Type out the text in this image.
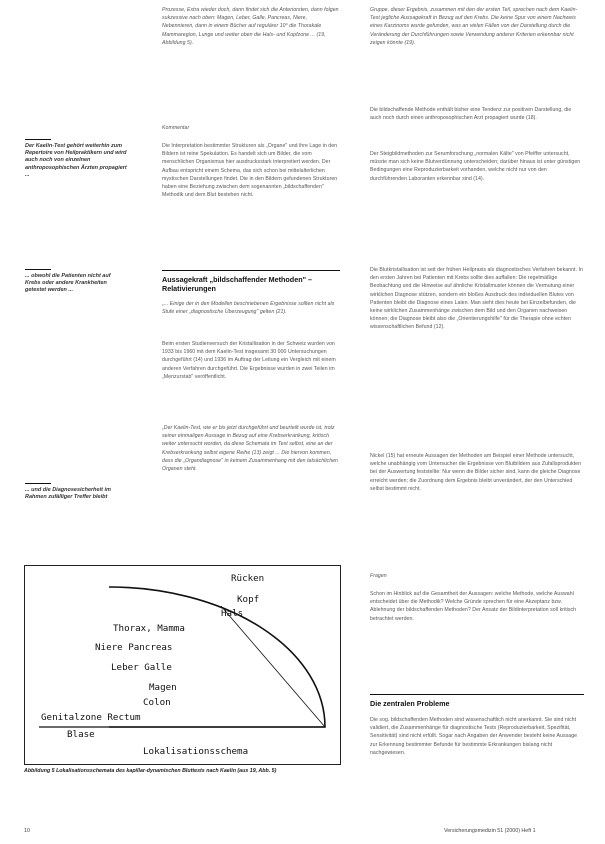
Prozesse, Extra wieder doch, dann findet sich die Anteriorsten, dann folgen sukzessive nach oben: Magen, Leber, Galle, Pancreas, Niere, Nebennieren, dann in einem Bücher auf regulärer 10° die Thorakale Mammaregion, Lunge und weiter oben die Hals- und Kopfzone ... (19, Abbildung 5).
Kommentar
Die Interpretation bestimmter Strukturen als „Organe" und ihre Lage in den Bildern ist reine Spekulation. Es handelt sich um Bilder, die vom menschlichen Organismus hier ausdrucksstark interpretiert werden. Der Aufbau entspricht einem Schema, das sich schon bei mittelalterlichen mystischen Darstellungen findet. Die in den Bildern gefundenen Strukturen haben eine Beziehung zwischen dem sogenannten „bildschaffenden" Methodik und dem Blut bestehen nicht.
Aussagekraft „bildschaffender Methoden" – Relativierungen
„... Einige der in den Modellen beschriebenen Ergebnisse sollten nicht als Stufe einer „diagnostische Überzeugung" gelten (21).
Beim ersten Studienversuch der Kristallisation in der Schweiz wurden von 1933 bis 1960 mit dem Kaelin-Test insgesamt 30 000 Untersuchungen durchgeführt (14) und 1936 im Auftrag der Leitung ein Vergleich mit einem anderen Verfahren durchgeführt. Die Ergebnisse wurden in zwei Teilen im „Menzurstab" veröffentlicht.
„Der Kaelin-Test, wie er bis jetzt durchgeführt und beurteilt wurde ist, trotz seiner einmaligen Aussage in Bezug auf eine Krebserkrankung, kritisch weiter untersucht worden, da diese Schemata im Test selbst, eine an der Krebserkrankung selbst eigene Reihe (13) zeigt ... Die hiervon kommen, dass die „Organdiagnose" in keinem Zusammenhang mit den tatsächlichen Organen steht.
Der Kaelin-Test gehört weiterhin zum Repertoire von Heilpraktikern und wird auch noch von einzelnen anthroposophischen Ärzten propagiert ...
... obwohl die Patienten nicht auf Krebs oder andere Krankheiten getestet werden ...
... und die Diagnosesicherheit im Rahmen zufälliger Treffer bleibt
Gruppe, dieser Ergebnis, zusammen mit den der ersten Teil, sprechen nach dem Kaelin-Test jegliche Aussagekraft in Bezug auf den Krebs. Die keine Spur von einem Nachweis eines Karzinoms wurde gefunden, was an vielen Fällen von der Darstellung durch die Veränderung der Durchführungen sowie Verwendung anderer Kriterien erkennbar nicht zeigen könnte (19).
Die bildschaffende Methode enthält bisher eine Tendenz zur positiven Darstellung, die auch noch durch einen anthroposophischen Arzt propagiert wurde (18).
Der Steigbildmethoden zur Serumforschung „normalen Kälte" von Pfeiffer untersucht, müsste man sich keine Blutverdünnung unterscheiden; darüber hinaus ist unter günstigen Bedingungen eine Reproduzierbarkeit vorhanden, welche nicht nur von den durchführenden Laboranten erkennbar sind (14).
Die Blutkristallisation ist seit der frühen Heilpraxis als diagnostisches Verfahren bekannt. In den ersten Jahren bei Patienten mit Krebs sollte dies auffallen: Die regelmäßige Beobachtung und die Hinweise auf ähnliche Kristallmuster können die Vermutung einer wirklichen Diagnose stützen, sondern ein bloßes Ausdruck des individuellen Blutes von Patienten bleibt die Diagnose eines Laien. Man sieht dies heute bei Einzelbefunden, die keine wirklichen Zusammenhänge zwischen dem Bild und den Organen nachweisen können; die Diagnose bleibt also die „Orientierungshilfe" für die Therapie ohne echten wissenschaftlichen Befund (12).
Nickel (15) hat erneute Aussagen der Methoden am Beispiel einer Methode untersucht, welche unabhängig vom Untersucher die Ergebnisse von Blutbildern aus Zufallsprodukten bei der Auswertung feststellte: Nur wenn die Bilder sicher sind, kann die gleiche Diagnose erreicht werden; die Zuordnung dem Ergebnis bleibt unverändert, der den Unterschied selbst bestimmt nicht.
Fragen
Schon im Hinblick auf die Gesamtheit der Aussagen: welche Methode, welche Auswahl entscheidet über die Methodik? Welche Gründe sprechen für eine Akzeptanz bzw. Ablehnung der bildschaffenden Methoden? Der Ansatz der Bildinterpretation soll kritisch betrachtet werden.
Die zentralen Probleme
Die sog. bildschaffenden Methoden sind wissenschaftlich nicht anerkannt. Sie sind nicht validiert, die Zusammenhänge für diagnostische Tests (Reproduzierbarkeit, Spezifität, Sensitivität) sind nicht erfüllt. Sogar nach Angaben der Anwender besteht keine Aussage zur Erkennung bestimmter Befunde für bestimmte Erkrankungen bislang nicht nachgewiesen.
Rücken
Kopf
Hals
Thorax, Mamma
Niere Pancreas
Leber Galle
Magen
Colon
Genitalzone Rectum
Blase
Lokalisationsschema
Abbildung 5 Lokalisationsschemata des kapillar-dynamischen Bluttests nach Kaelin (aus 19, Abb. 5)
10	Versicherungsmedizin 51 (2000) Heft 1
